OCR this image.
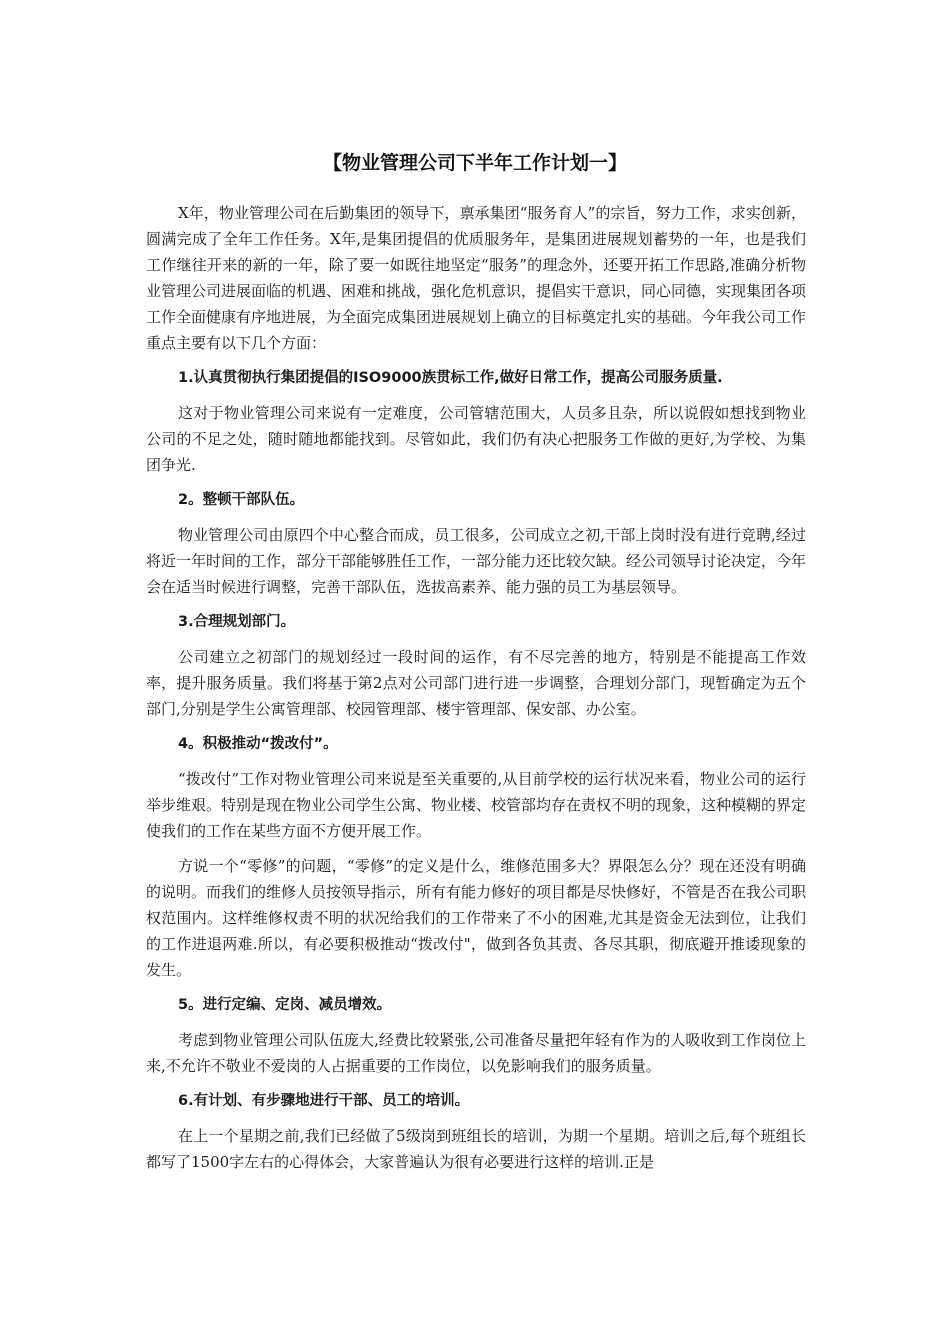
【物业管理公司下半年工作计划一】

X年，物业管理公司在后勤集团的领导下，禀承集团“服务育人”的宗旨，努力工作，求实创新，圆满完成了全年工作任务。X年,是集团提倡的优质服务年，是集团进展规划蓄势的一年，也是我们工作继往开来的新的一年，除了要一如既往地坚定“服务”的理念外，还要开拓工作思路,准确分析物业管理公司进展面临的机遇、困难和挑战，强化危机意识，提倡实干意识，同心同德，实现集团各项工作全面健康有序地进展，为全面完成集团进展规划上确立的目标奠定扎实的基础。今年我公司工作重点主要有以下几个方面：

1.认真贯彻执行集团提倡的ISO9000族贯标工作,做好日常工作，提高公司服务质量.

这对于物业管理公司来说有一定难度，公司管辖范围大，人员多且杂，所以说假如想找到物业公司的不足之处，随时随地都能找到。尽管如此，我们仍有决心把服务工作做的更好,为学校、为集团争光.

2。整顿干部队伍。

物业管理公司由原四个中心整合而成，员工很多，公司成立之初,干部上岗时没有进行竞聘,经过将近一年时间的工作，部分干部能够胜任工作，一部分能力还比较欠缺。经公司领导讨论决定，今年会在适当时候进行调整，完善干部队伍，选拔高素养、能力强的员工为基层领导。

3.合理规划部门。

公司建立之初部门的规划经过一段时间的运作，有不尽完善的地方，特别是不能提高工作效率，提升服务质量。我们将基于第2点对公司部门进行进一步调整，合理划分部门，现暂确定为五个部门,分别是学生公寓管理部、校园管理部、楼宇管理部、保安部、办公室。

4。积极推动“拨改付”。

“拨改付”工作对物业管理公司来说是至关重要的,从目前学校的运行状况来看，物业公司的运行举步维艰。特别是现在物业公司学生公寓、物业楼、校管部均存在责权不明的现象，这种模糊的界定使我们的工作在某些方面不方便开展工作。

方说一个“零修”的问题，“零修”的定义是什么，维修范围多大？界限怎么分？现在还没有明确的说明。而我们的维修人员按领导指示，所有有能力修好的项目都是尽快修好，不管是否在我公司职权范围内。这样维修权责不明的状况给我们的工作带来了不小的困难,尤其是资金无法到位，让我们的工作进退两难.所以，有必要积极推动“拨改付"，做到各负其责、各尽其职，彻底避开推诿现象的发生。

5。进行定编、定岗、减员增效。

考虑到物业管理公司队伍庞大,经费比较紧张,公司准备尽量把年轻有作为的人吸收到工作岗位上来,不允许不敬业不爱岗的人占据重要的工作岗位，以免影响我们的服务质量。

6.有计划、有步骤地进行干部、员工的培训。

在上一个星期之前,我们已经做了5级岗到班组长的培训，为期一个星期。培训之后,每个班组长都写了1500字左右的心得体会，大家普遍认为很有必要进行这样的培训.正是
